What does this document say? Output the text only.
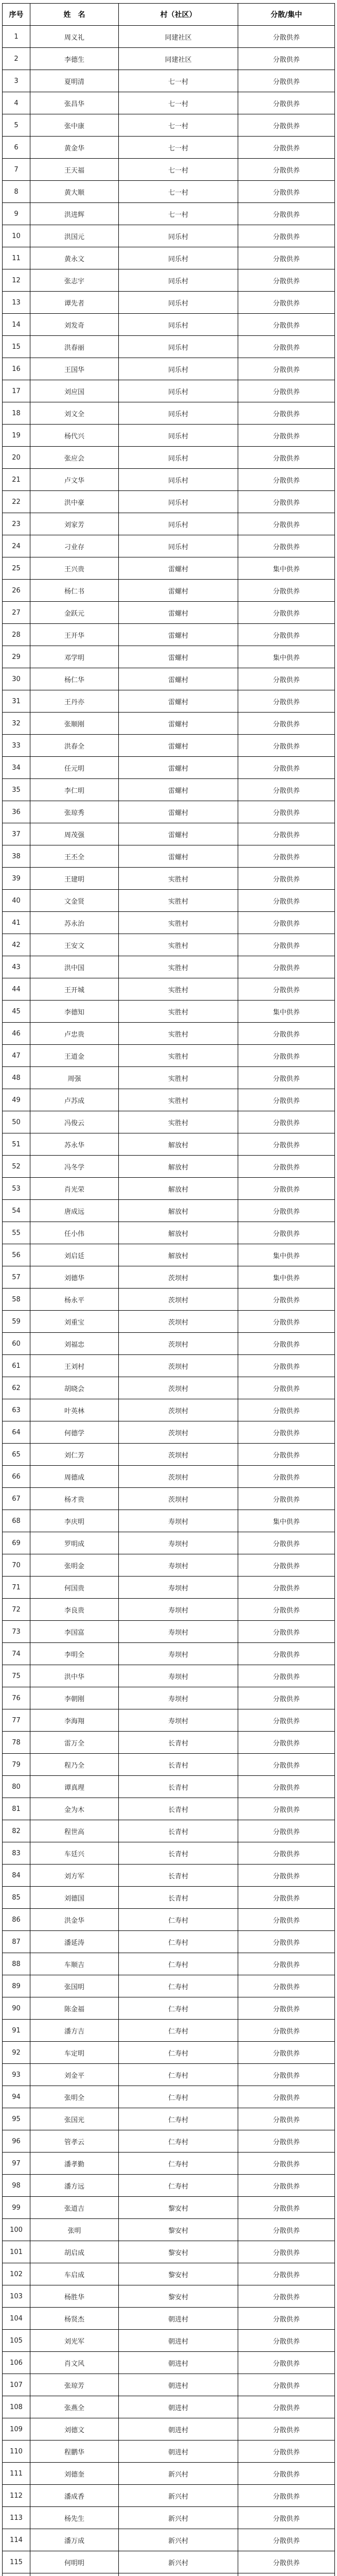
序号	姓　名	村（社区）	分散/集中
1	周义礼	同建社区	分散供养
2	李德生	同建社区	分散供养
3	夏明清	七一村	分散供养
4	张昌华	七一村	分散供养
5	张中康	七一村	分散供养
6	黄金华	七一村	分散供养
7	王天福	七一村	分散供养
8	黄大顺	七一村	分散供养
9	洪进辉	七一村	分散供养
10	洪国元	同乐村	分散供养
11	黄永文	同乐村	分散供养
12	张志宇	同乐村	分散供养
13	谭先者	同乐村	分散供养
14	刘发奇	同乐村	分散供养
15	洪春丽	同乐村	分散供养
16	王国华	同乐村	分散供养
17	刘应国	同乐村	分散供养
18	刘文全	同乐村	分散供养
19	杨代兴	同乐村	分散供养
20	张应会	同乐村	分散供养
21	卢文华	同乐村	分散供养
22	洪中豪	同乐村	分散供养
23	刘家芳	同乐村	分散供养
24	刁业存	同乐村	分散供养
25	王兴贵	雷螺村	集中供养
26	杨仁书	雷螺村	分散供养
27	金跃元	雷螺村	分散供养
28	王开华	雷螺村	分散供养
29	邓学明	雷螺村	集中供养
30	杨仁华	雷螺村	分散供养
31	王丹亦	雷螺村	分散供养
32	张顺刚	雷螺村	分散供养
33	洪春全	雷螺村	分散供养
34	任元明	雷螺村	分散供养
35	李仁明	雷螺村	分散供养
36	张琼秀	雷螺村	分散供养
37	周茂强	雷螺村	分散供养
38	王丕全	雷螺村	分散供养
39	王建明	实胜村	分散供养
40	文金贤	实胜村	分散供养
41	苏永治	实胜村	分散供养
42	王安文	实胜村	分散供养
43	洪中国	实胜村	分散供养
44	王开城	实胜村	分散供养
45	李德知	实胜村	集中供养
46	卢忠贵	实胜村	分散供养
47	王道金	实胜村	分散供养
48	周强	实胜村	分散供养
49	卢苏成	实胜村	分散供养
50	冯俊云	实胜村	分散供养
51	苏永华	解放村	分散供养
52	冯冬学	解放村	分散供养
53	肖光荣	解放村	分散供养
54	唐成远	解放村	分散供养
55	任小伟	解放村	分散供养
56	刘启廷	解放村	集中供养
57	刘德华	茨坝村	集中供养
58	杨永平	茨坝村	分散供养
59	刘重宝	茨坝村	分散供养
60	刘福忠	茨坝村	分散供养
61	王刘村	茨坝村	分散供养
62	胡晓会	茨坝村	分散供养
63	叶英林	茨坝村	分散供养
64	何德学	茨坝村	分散供养
65	刘仁芳	茨坝村	分散供养
66	周德成	茨坝村	分散供养
67	杨才贵	茨坝村	分散供养
68	李庆明	寿坝村	集中供养
69	罗明成	寿坝村	分散供养
70	张明金	寿坝村	分散供养
71	何国贵	寿坝村	分散供养
72	李良贵	寿坝村	分散供养
73	李国富	寿坝村	分散供养
74	李明全	寿坝村	分散供养
75	洪中华	寿坝村	分散供养
76	李朝刚	寿坝村	分散供养
77	李海翔	寿坝村	分散供养
78	雷万全	长青村	分散供养
79	程乃全	长青村	分散供养
80	谭真理	长青村	分散供养
81	金为木	长青村	分散供养
82	程世高	长青村	分散供养
83	车廷兴	长青村	分散供养
84	刘方军	长青村	分散供养
85	刘德国	长青村	分散供养
86	洪金华	仁寿村	分散供养
87	潘延涛	仁寿村	分散供养
88	车顺吉	仁寿村	分散供养
89	张国明	仁寿村	分散供养
90	陈金福	仁寿村	分散供养
91	潘方吉	仁寿村	分散供养
92	车定明	仁寿村	分散供养
93	刘金平	仁寿村	分散供养
94	张明全	仁寿村	分散供养
95	张国光	仁寿村	分散供养
96	管孝云	仁寿村	分散供养
97	潘孝勤	仁寿村	分散供养
98	潘方远	仁寿村	分散供养
99	张道吉	黎安村	分散供养
100	张明	黎安村	分散供养
101	胡启成	黎安村	分散供养
102	车启成	黎安村	分散供养
103	杨胜华	黎安村	分散供养
104	杨贤杰	朝进村	分散供养
105	刘光军	朝进村	分散供养
106	肖文风	朝进村	分散供养
107	张琼芳	朝进村	分散供养
108	张燕全	朝进村	分散供养
109	刘德文	朝进村	分散供养
110	程鹏华	朝进村	分散供养
111	刘德奎	新兴村	分散供养
112	潘成香	新兴村	分散供养
113	杨先生	新兴村	分散供养
114	潘万成	新兴村	分散供养
115	何明明	新兴村	分散供养
